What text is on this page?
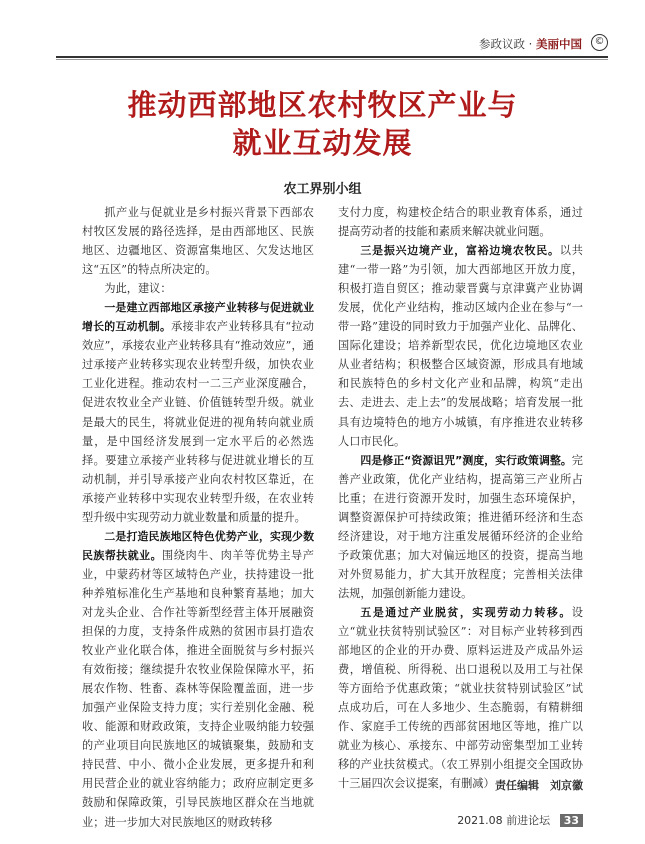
参政议政 · 美丽中国	©
推动西部地区农村牧区产业与
就业互动发展
农工界别小组

抓产业与促就业是乡村振兴背景下西部农村牧区发展的路径选择，是由西部地区、民族地区、边疆地区、资源富集地区、欠发达地区这“五区”的特点所决定的。

为此，建议：

一是建立西部地区承接产业转移与促进就业增长的互动机制。承接非农产业转移具有“拉动效应”，承接农业产业转移具有“推动效应”，通过承接产业转移实现农业转型升级，加快农业工业化进程。推动农村一二三产业深度融合，促进农牧业全产业链、价值链转型升级。就业是最大的民生，将就业促进的视角转向就业质量，是中国经济发展到一定水平后的必然选择。要建立承接产业转移与促进就业增长的互动机制，并引导承接产业向农村牧区靠近，在承接产业转移中实现农业转型升级，在农业转型升级中实现劳动力就业数量和质量的提升。

二是打造民族地区特色优势产业，实现少数民族帮扶就业。围绕肉牛、肉羊等优势主导产业，中蒙药材等区域特色产业，扶持建设一批种养殖标准化生产基地和良种繁育基地；加大对龙头企业、合作社等新型经营主体开展融资担保的力度，支持条件成熟的贫困市县打造农牧业产业化联合体，推进全面脱贫与乡村振兴有效衔接；继续提升农牧业保险保障水平，拓展农作物、牲畜、森林等保险覆盖面，进一步加强产业保险支持力度；实行差别化金融、税收、能源和财政政策，支持企业吸纳能力较强的产业项目向民族地区的城镇聚集，鼓励和支持民营、中小、微小企业发展，更多提升和利用民营企业的就业容纳能力；政府应制定更多鼓励和保障政策，引导民族地区群众在当地就业；进一步加大对民族地区的财政转移

支付力度，构建校企结合的职业教育体系，通过提高劳动者的技能和素质来解决就业问题。

三是振兴边境产业，富裕边境农牧民。以共建“一带一路”为引领，加大西部地区开放力度，积极打造自贸区；推动蒙晋冀与京津冀产业协调发展，优化产业结构，推动区域内企业在参与“一带一路”建设的同时致力于加强产业化、品牌化、国际化建设；培养新型农民，优化边境地区农业从业者结构；积极整合区域资源，形成具有地域和民族特色的乡村文化产业和品牌，构筑“走出去、走进去、走上去”的发展战略；培育发展一批具有边境特色的地方小城镇，有序推进农业转移人口市民化。

四是修正“资源诅咒”测度，实行政策调整。完善产业政策，优化产业结构，提高第三产业所占比重；在进行资源开发时，加强生态环境保护，调整资源保护可持续政策；推进循环经济和生态经济建设，对于地方注重发展循环经济的企业给予政策优惠；加大对偏远地区的投资，提高当地对外贸易能力，扩大其开放程度；完善相关法律法规，加强创新能力建设。

五是通过产业脱贫，实现劳动力转移。设立“就业扶贫特别试验区”：对目标产业转移到西部地区的企业的开办费、原料运进及产成品外运费，增值税、所得税、出口退税以及用工与社保等方面给予优惠政策；“就业扶贫特别试验区”试点成功后，可在人多地少、生态脆弱，有精耕细作、家庭手工传统的西部贫困地区等地，推广以就业为核心、承接东、中部劳动密集型加工业转移的产业扶贫模式。（农工界别小组提交全国政协十三届四次会议提案，有删减） 责任编辑　刘京徽
2021.08 前进论坛 33
